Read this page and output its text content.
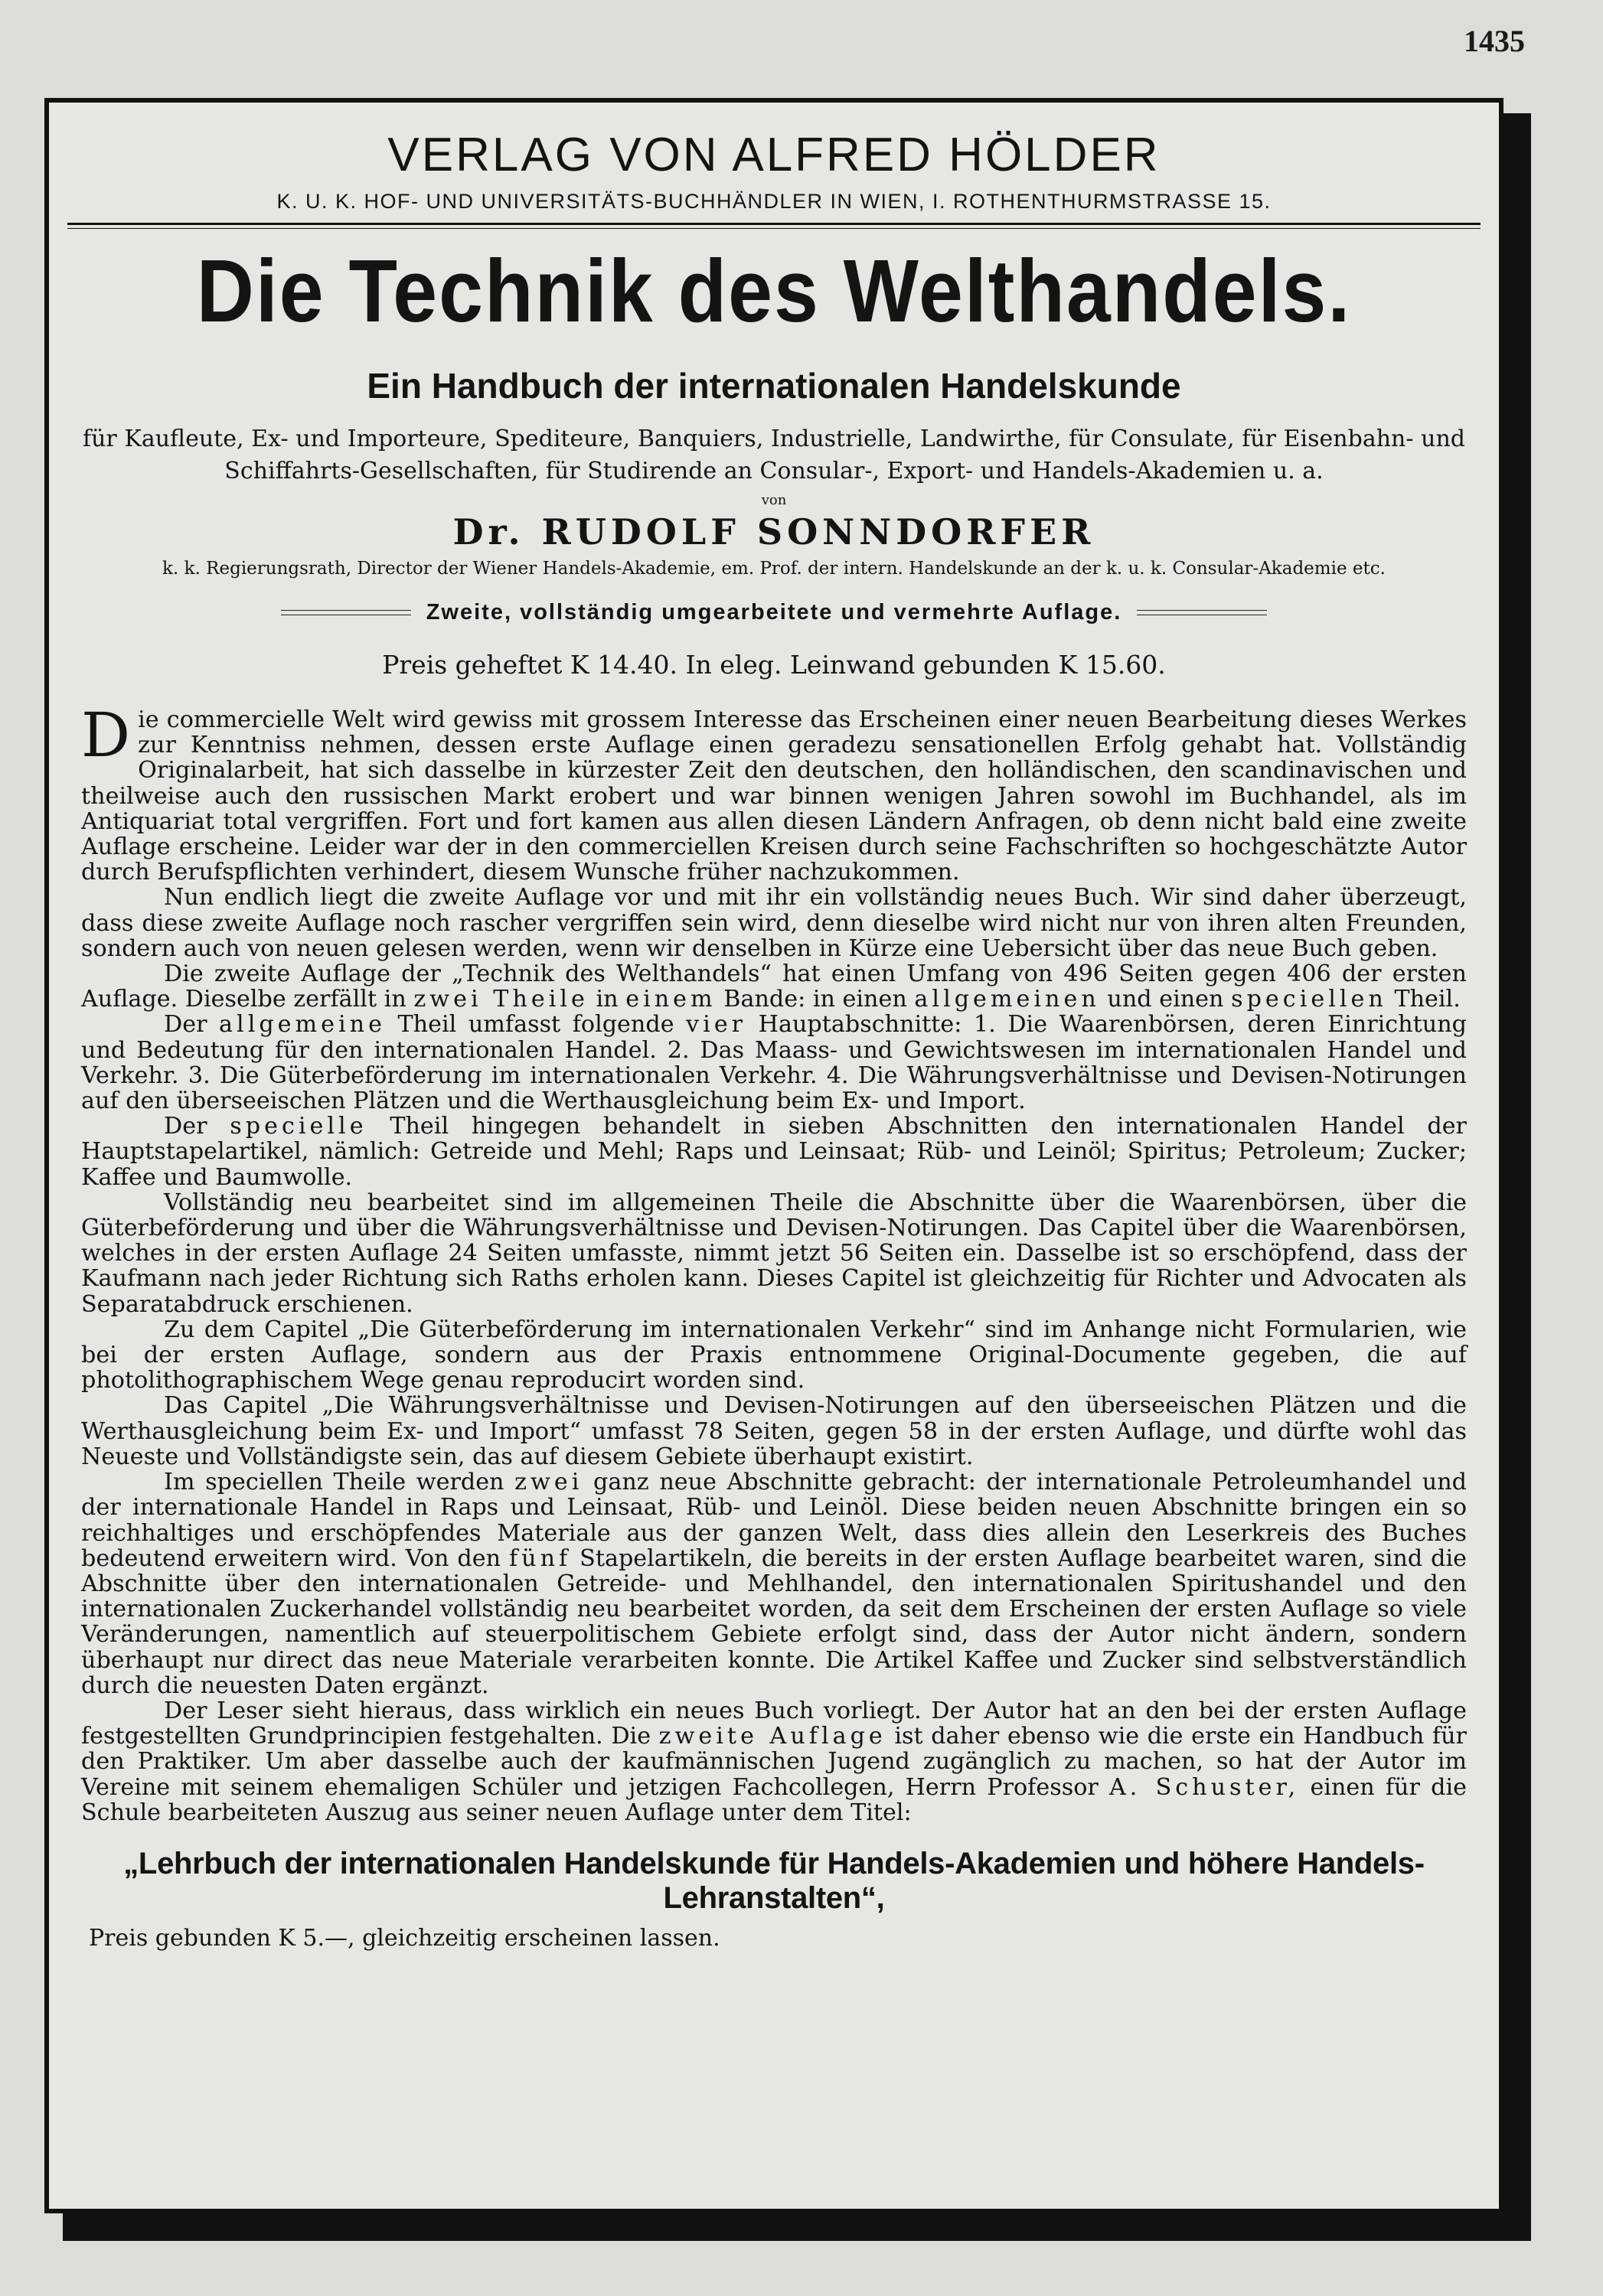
1435
VERLAG VON ALFRED HÖLDER
K. U. K. HOF- UND UNIVERSITÄTS-BUCHHÄNDLER IN WIEN, I. ROTHENTHURMSTRASSE 15.
Die Technik des Welthandels.
Ein Handbuch der internationalen Handelskunde
für Kaufleute, Ex- und Importeure, Spediteure, Banquiers, Industrielle, Landwirthe, für Consulate, für Eisenbahn- und Schiffahrts-Gesellschaften, für Studirende an Consular-, Export- und Handels-Akademien u. a.
von
Dr. RUDOLF SONNDORFER
k. k. Regierungsrath, Director der Wiener Handels-Akademie, em. Prof. der intern. Handelskunde an der k. u. k. Consular-Akademie etc.
Zweite, vollständig umgearbeitete und vermehrte Auflage.
Preis geheftet K 14.40. In eleg. Leinwand gebunden K 15.60.

Die commercielle Welt wird gewiss mit grossem Interesse das Erscheinen einer neuen Bearbeitung dieses Werkes zur Kenntniss nehmen, dessen erste Auflage einen geradezu sensationellen Erfolg gehabt hat. Vollständig Originalarbeit, hat sich dasselbe in kürzester Zeit den deutschen, den holländischen, den scandinavischen und theilweise auch den russischen Markt erobert und war binnen wenigen Jahren sowohl im Buchhandel, als im Antiquariat total vergriffen. Fort und fort kamen aus allen diesen Ländern Anfragen, ob denn nicht bald eine zweite Auflage erscheine. Leider war der in den commerciellen Kreisen durch seine Fachschriften so hochgeschätzte Autor durch Berufspflichten verhindert, diesem Wunsche früher nachzukommen.

Nun endlich liegt die zweite Auflage vor und mit ihr ein vollständig neues Buch. Wir sind daher überzeugt, dass diese zweite Auflage noch rascher vergriffen sein wird, denn dieselbe wird nicht nur von ihren alten Freunden, sondern auch von neuen gelesen werden, wenn wir denselben in Kürze eine Uebersicht über das neue Buch geben.

Die zweite Auflage der „Technik des Welthandels“ hat einen Umfang von 496 Seiten gegen 406 der ersten Auflage. Dieselbe zerfällt in zwei Theile in einem Bande: in einen allgemeinen und einen speciellen Theil.

Der allgemeine Theil umfasst folgende vier Hauptabschnitte: 1. Die Waarenbörsen, deren Einrichtung und Bedeutung für den internationalen Handel. 2. Das Maass- und Gewichtswesen im internationalen Handel und Verkehr. 3. Die Güterbeförderung im internationalen Verkehr. 4. Die Währungsverhältnisse und Devisen-Notirungen auf den überseeischen Plätzen und die Werthausgleichung beim Ex- und Import.

Der specielle Theil hingegen behandelt in sieben Abschnitten den internationalen Handel der Hauptstapelartikel, nämlich: Getreide und Mehl; Raps und Leinsaat; Rüb- und Leinöl; Spiritus; Petroleum; Zucker; Kaffee und Baumwolle.

Vollständig neu bearbeitet sind im allgemeinen Theile die Abschnitte über die Waarenbörsen, über die Güterbeförderung und über die Währungsverhältnisse und Devisen-Notirungen. Das Capitel über die Waarenbörsen, welches in der ersten Auflage 24 Seiten umfasste, nimmt jetzt 56 Seiten ein. Dasselbe ist so erschöpfend, dass der Kaufmann nach jeder Richtung sich Raths erholen kann. Dieses Capitel ist gleichzeitig für Richter und Advocaten als Separatabdruck erschienen.

Zu dem Capitel „Die Güterbeförderung im internationalen Verkehr“ sind im Anhange nicht Formularien, wie bei der ersten Auflage, sondern aus der Praxis entnommene Original-Documente gegeben, die auf photolithographischem Wege genau reproducirt worden sind.

Das Capitel „Die Währungsverhältnisse und Devisen-Notirungen auf den überseeischen Plätzen und die Werthausgleichung beim Ex- und Import“ umfasst 78 Seiten, gegen 58 in der ersten Auflage, und dürfte wohl das Neueste und Vollständigste sein, das auf diesem Gebiete überhaupt existirt.

Im speciellen Theile werden zwei ganz neue Abschnitte gebracht: der internationale Petroleumhandel und der internationale Handel in Raps und Leinsaat, Rüb- und Leinöl. Diese beiden neuen Abschnitte bringen ein so reichhaltiges und erschöpfendes Materiale aus der ganzen Welt, dass dies allein den Leserkreis des Buches bedeutend erweitern wird. Von den fünf Stapelartikeln, die bereits in der ersten Auflage bearbeitet waren, sind die Abschnitte über den internationalen Getreide- und Mehlhandel, den internationalen Spiritushandel und den internationalen Zuckerhandel vollständig neu bearbeitet worden, da seit dem Erscheinen der ersten Auflage so viele Veränderungen, namentlich auf steuerpolitischem Gebiete erfolgt sind, dass der Autor nicht ändern, sondern überhaupt nur direct das neue Materiale verarbeiten konnte. Die Artikel Kaffee und Zucker sind selbstverständlich durch die neuesten Daten ergänzt.

Der Leser sieht hieraus, dass wirklich ein neues Buch vorliegt. Der Autor hat an den bei der ersten Auflage festgestellten Grundprincipien festgehalten. Die zweite Auflage ist daher ebenso wie die erste ein Handbuch für den Praktiker. Um aber dasselbe auch der kaufmännischen Jugend zugänglich zu machen, so hat der Autor im Vereine mit seinem ehemaligen Schüler und jetzigen Fachcollegen, Herrn Professor A. Schuster, einen für die Schule bearbeiteten Auszug aus seiner neuen Auflage unter dem Titel:

„Lehrbuch der internationalen Handelskunde für Handels-Akademien und höhere Handels-Lehranstalten“,
Preis gebunden K 5.—, gleichzeitig erscheinen lassen.
